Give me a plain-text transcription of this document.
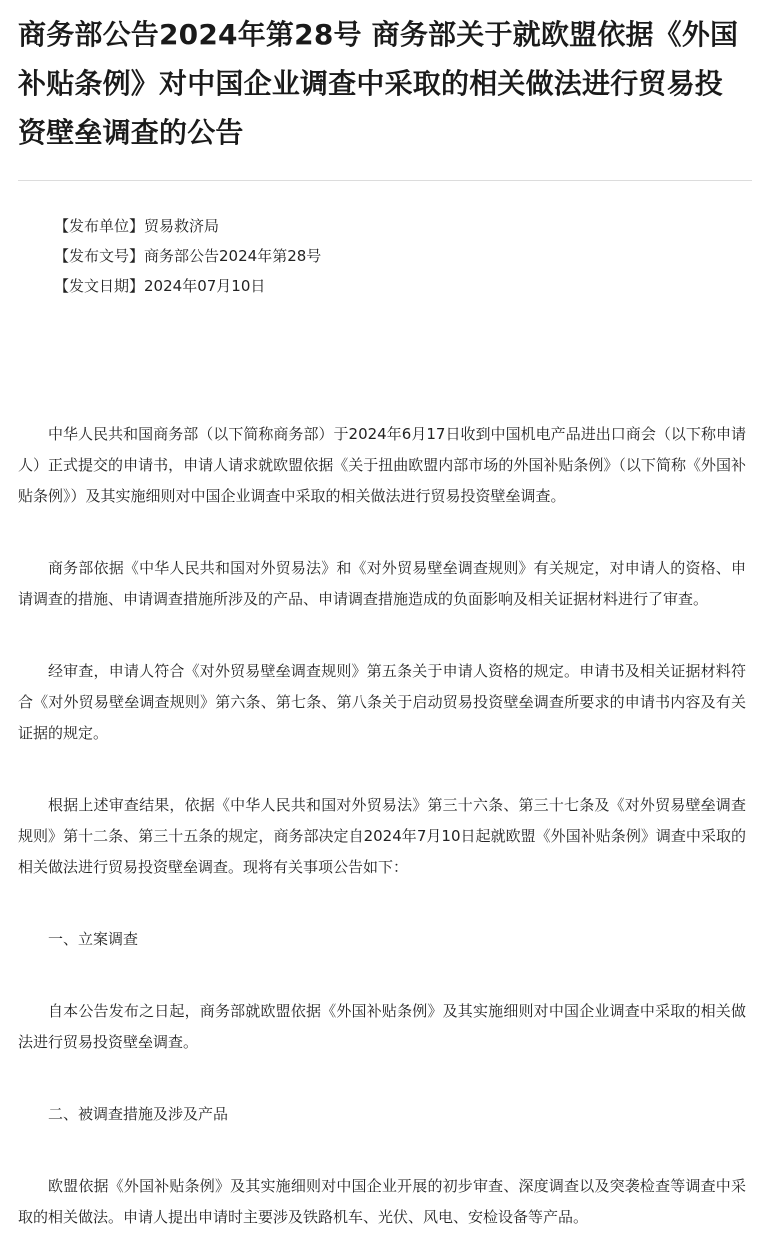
商务部公告2024年第28号 商务部关于就欧盟依据《外国补贴条例》对中国企业调查中采取的相关做法进行贸易投资壁垒调查的公告
【发布单位】贸易救济局
【发布文号】商务部公告2024年第28号
【发文日期】2024年07月10日

中华人民共和国商务部（以下简称商务部）于2024年6月17日收到中国机电产品进出口商会（以下称申请人）正式提交的申请书，申请人请求就欧盟依据《关于扭曲欧盟内部市场的外国补贴条例》（以下简称《外国补贴条例》）及其实施细则对中国企业调查中采取的相关做法进行贸易投资壁垒调查。

商务部依据《中华人民共和国对外贸易法》和《对外贸易壁垒调查规则》有关规定，对申请人的资格、申请调查的措施、申请调查措施所涉及的产品、申请调查措施造成的负面影响及相关证据材料进行了审查。

经审查，申请人符合《对外贸易壁垒调查规则》第五条关于申请人资格的规定。申请书及相关证据材料符合《对外贸易壁垒调查规则》第六条、第七条、第八条关于启动贸易投资壁垒调查所要求的申请书内容及有关证据的规定。

根据上述审查结果，依据《中华人民共和国对外贸易法》第三十六条、第三十七条及《对外贸易壁垒调查规则》第十二条、第三十五条的规定，商务部决定自2024年7月10日起就欧盟《外国补贴条例》调查中采取的相关做法进行贸易投资壁垒调查。现将有关事项公告如下：

一、立案调查

自本公告发布之日起，商务部就欧盟依据《外国补贴条例》及其实施细则对中国企业调查中采取的相关做法进行贸易投资壁垒调查。

二、被调查措施及涉及产品

欧盟依据《外国补贴条例》及其实施细则对中国企业开展的初步审查、深度调查以及突袭检查等调查中采取的相关做法。申请人提出申请时主要涉及铁路机车、光伏、风电、安检设备等产品。
